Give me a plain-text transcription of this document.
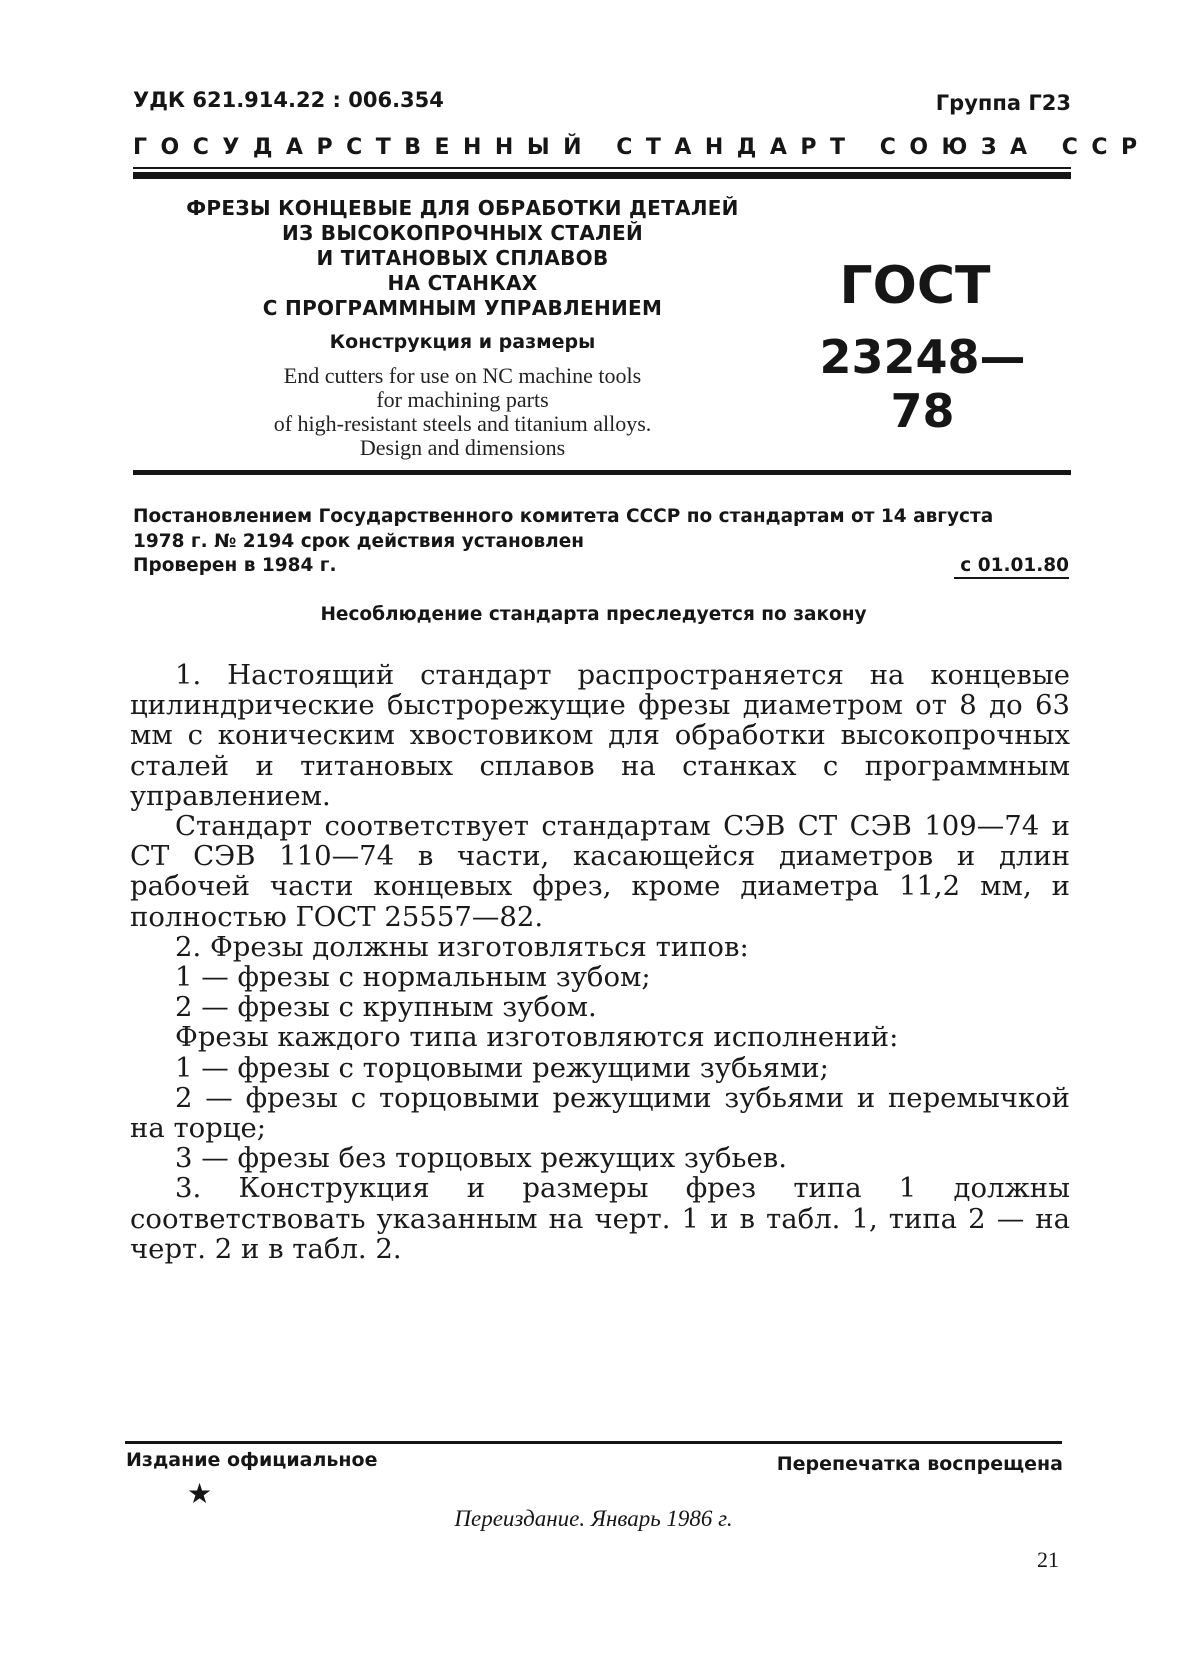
УДК 621.914.22 : 006.354	Группа Г23
ГОСУДАРСТВЕННЫЙ СТАНДАРТ СОЮЗА ССР
ФРЕЗЫ КОНЦЕВЫЕ ДЛЯ ОБРАБОТКИ ДЕТАЛЕЙ
ИЗ ВЫСОКОПРОЧНЫХ СТАЛЕЙ
И ТИТАНОВЫХ СПЛАВОВ
НА СТАНКАХ
С ПРОГРАММНЫМ УПРАВЛЕНИЕМ
Конструкция и размеры
End cutters for use on NC machine tools
for machining parts
of high-resistant steels and titanium alloys.
Design and dimensions
ГОСТ
23248—78
Постановлением Государственного комитета СССР по стандартам от 14 августа
1978 г. № 2194 срок действия установлен
Проверен в 1984 г.	с 01.01.80
Несоблюдение стандарта преследуется по закону

1. Настоящий стандарт распространяется на концевые цилиндрические быстрорежущие фрезы диаметром от 8 до 63 мм с коническим хвостовиком для обработки высокопрочных сталей и титановых сплавов на станках с программным управлением.

Стандарт соответствует стандартам СЭВ СТ СЭВ 109—74 и СТ СЭВ 110—74 в части, касающейся диаметров и длин рабочей части концевых фрез, кроме диаметра 11,2 мм, и полностью ГОСТ 25557—82.

2. Фрезы должны изготовляться типов:

1 — фрезы с нормальным зубом;

2 — фрезы с крупным зубом.

Фрезы каждого типа изготовляются исполнений:

1 — фрезы с торцовыми режущими зубьями;

2 — фрезы с торцовыми режущими зубьями и перемычкой на торце;

3 — фрезы без торцовых режущих зубьев.

3. Конструкция и размеры фрез типа 1 должны соответствовать указанным на черт. 1 и в табл. 1, типа 2 — на черт. 2 и в табл. 2.

Издание официальное	Перепечатка воспрещена
★
Переиздание. Январь 1986 г.
21
